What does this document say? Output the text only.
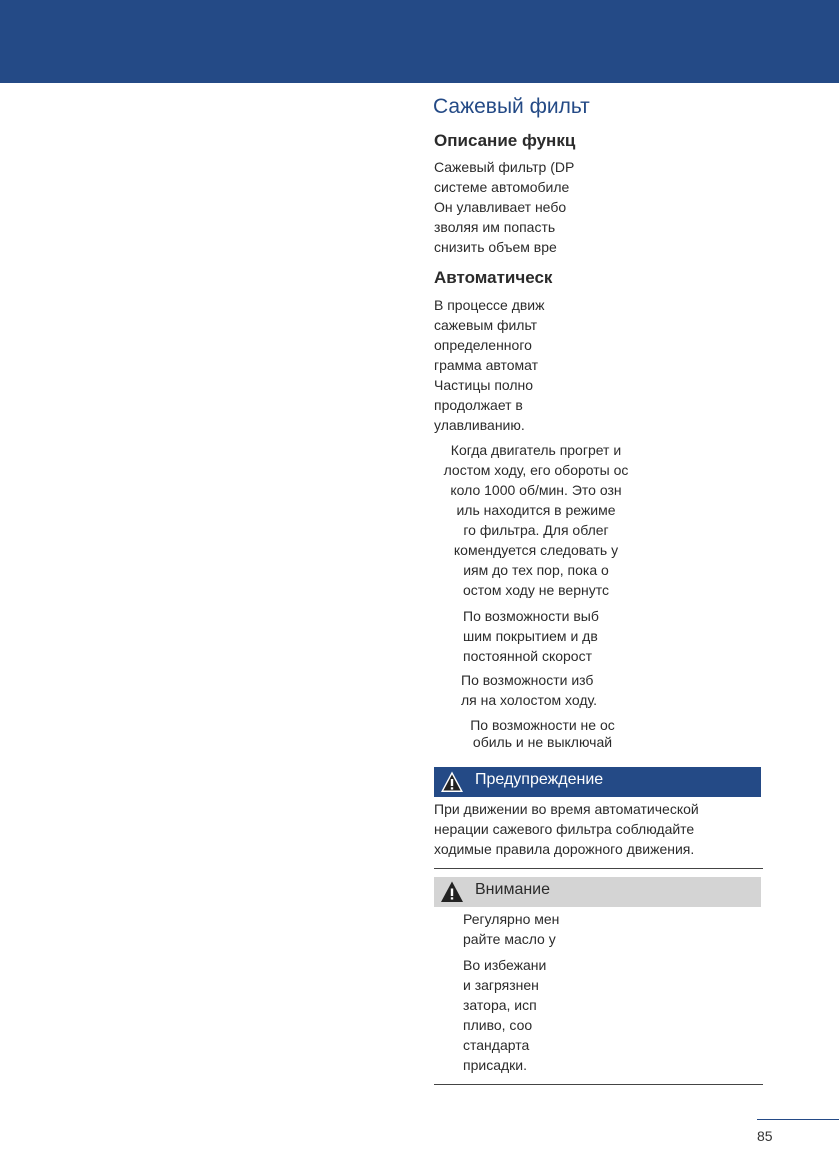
Сажевый фильт
Описание функц
Сажевый фильтр (DP
системе автомобиле
Он улавливает небо
зволяя им попасть
снизить объем вре
Автоматическ
В процессе движ
сажевым фильт
определенного
грамма автомат
Частицы полно
продолжает в
улавливанию.
Когда двигатель прогрет и
лостом ходу, его обороты ос
коло 1000 об/мин. Это озн
иль находится в режиме
го фильтра. Для облег
комендуется следовать у
иям до тех пор, пока о
остом ходу не вернутс
По возможности выб
шим покрытием и дв
постоянной скорост
По возможности изб
ля на холостом ходу.
По возможности не ос
обиль и не выключай
Предупреждение
При движении во время автоматической
нерации сажевого фильтра соблюдайте
ходимые правила дорожного движения.
Внимание
Регулярно мен
райте масло у
Во избежани
и загрязнен
затора, исп
пливо, соо
стандарта
присадки.
85
